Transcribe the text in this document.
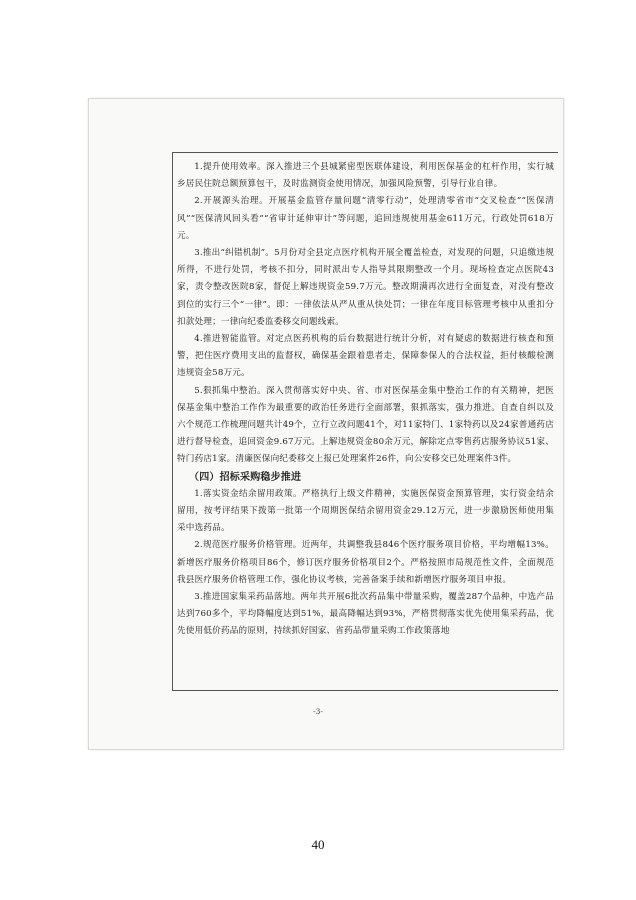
1.提升使用效率。深入推进三个县城紧密型医联体建设，利用医保基金的杠杆作用，实行城乡居民住院总额预算包干，及时监测资金使用情况，加强风险预警，引导行业自律。

2.开展源头治理。开展基金监管存量问题“清零行动”，处理清零省市“交叉检查”“医保清风”“医保清风回头看”“省审计延伸审计”等问题，追回违规使用基金611万元，行政处罚618万元。

3.推出“纠错机制”。5月份对全县定点医疗机构开展全覆盖检查，对发现的问题，只追缴违规所得，不进行处罚，考核不扣分，同时派出专人指导其限期整改一个月。现场检查定点医院43家，责令整改医院8家，督促上解违规资金59.7万元。整改期满再次进行全面复查，对没有整改到位的实行三个“一律”。即：一律依法从严从重从快处罚；一律在年度目标管理考核中从重扣分扣款处理；一律向纪委监委移交问题线索。

4.推进智能监管。对定点医药机构的后台数据进行统计分析，对有疑虑的数据进行核查和预警，把住医疗费用支出的监督权，确保基金跟着患者走，保障参保人的合法权益，拒付核酸检测违规资金58万元。

5.狠抓集中整治。深入贯彻落实好中央、省、市对医保基金集中整治工作的有关精神，把医保基金集中整治工作作为最重要的政治任务进行全面部署，狠抓落实，强力推进。自查自纠以及六个规范工作梳理问题共计49个，立行立改问题41个，对11家特门、1家特药以及24家普通药店进行督导检查，追回资金9.67万元。上解违规资金80余万元，解除定点零售药店服务协议51家、特门药店1家。清廉医保向纪委移交上报已处理案件26件，向公安移交已处理案件3件。

（四）招标采购稳步推进

1.落实资金结余留用政策。严格执行上级文件精神，实施医保资金预算管理，实行资金结余留用，按考评结果下拨第一批第一个周期医保结余留用资金29.12万元，进一步激励医师使用集采中选药品。

2.规范医疗服务价格管理。近两年，共调整我县846个医疗服务项目价格，平均增幅13%。新增医疗服务价格项目86个，修订医疗服务价格项目2个。严格按照市局规范性文件，全面规范我县医疗服务价格管理工作，强化协议考核，完善备案手续和新增医疗服务项目申报。

3.推进国家集采药品落地。两年共开展6批次药品集中带量采购，覆盖287个品种，中选产品达到760多个，平均降幅度达到51%，最高降幅达到93%，严格贯彻落实优先使用集采药品，优先使用低价药品的原则，持续抓好国家、省药品带量采购工作政策落地

-3-
40
